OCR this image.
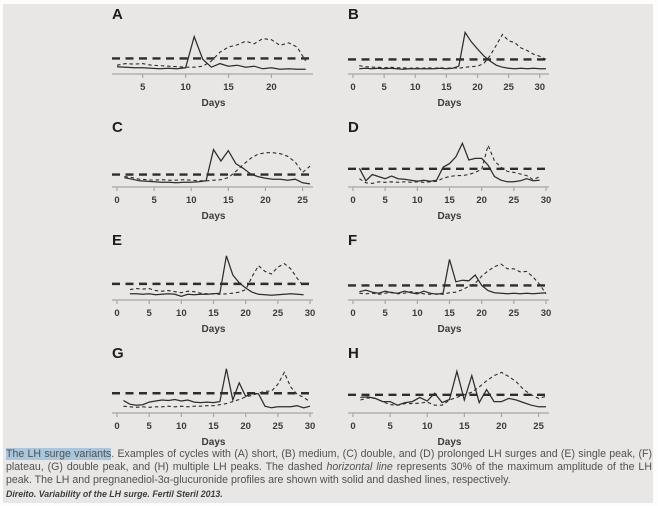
A
5	10	15	20
Days
B
0	5 10 15 20 25 30
Days
C
0	5	10	15	20	25
Days
D
0	5	10 15 20 25 30
Days
E
0	5	10 15 20 25 30
Days
F
0	5	10 15 20 25 30
Days
G
0	5	10 15 20 25 30
Days
H
0	5	10	15	20	25
Days
The LH surge variants. Examples of cycles with (A) short, (B) medium, (C) double, and (D) prolonged LH surges and (E) single peak, (F) plateau, (G) double peak, and (H) multiple LH peaks. The dashed horizontal line represents 30% of the maximum amplitude of the LH peak. The LH and pregnanediol-3α-glucuronide profiles are shown with solid and dashed lines, respectively.
Direito. Variability of the LH surge. Fertil Steril 2013.
